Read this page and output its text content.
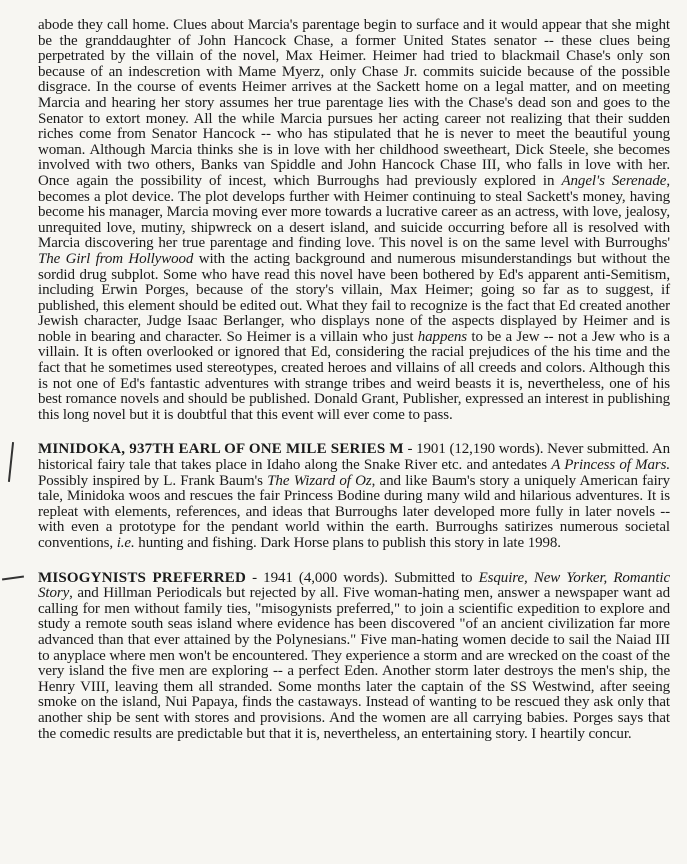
abode they call home. Clues about Marcia's parentage begin to surface and it would appear that she might be the granddaughter of John Hancock Chase, a former United States senator -- these clues being perpetrated by the villain of the novel, Max Heimer. Heimer had tried to blackmail Chase's only son because of an indescretion with Mame Myerz, only Chase Jr. commits suicide because of the possible disgrace. In the course of events Heimer arrives at the Sackett home on a legal matter, and on meeting Marcia and hearing her story assumes her true parentage lies with the Chase's dead son and goes to the Senator to extort money. All the while Marcia pursues her acting career not realizing that their sudden riches come from Senator Hancock -- who has stipulated that he is never to meet the beautiful young woman. Although Marcia thinks she is in love with her childhood sweetheart, Dick Steele, she becomes involved with two others, Banks van Spiddle and John Hancock Chase III, who falls in love with her. Once again the possibility of incest, which Burroughs had previously explored in Angel's Serenade, becomes a plot device. The plot develops further with Heimer continuing to steal Sackett's money, having become his manager, Marcia moving ever more towards a lucrative career as an actress, with love, jealosy, unrequited love, mutiny, shipwreck on a desert island, and suicide occurring before all is resolved with Marcia discovering her true parentage and finding love. This novel is on the same level with Burroughs' The Girl from Hollywood with the acting background and numerous misunderstandings but without the sordid drug subplot. Some who have read this novel have been bothered by Ed's apparent anti-Semitism, including Erwin Porges, because of the story's villain, Max Heimer; going so far as to suggest, if published, this element should be edited out. What they fail to recognize is the fact that Ed created another Jewish character, Judge Isaac Berlanger, who displays none of the aspects displayed by Heimer and is noble in bearing and character. So Heimer is a villain who just happens to be a Jew -- not a Jew who is a villain. It is often overlooked or ignored that Ed, considering the racial prejudices of the his time and the fact that he sometimes used stereotypes, created heroes and villains of all creeds and colors. Although this is not one of Ed's fantastic adventures with strange tribes and weird beasts it is, nevertheless, one of his best romance novels and should be published. Donald Grant, Publisher, expressed an interest in publishing this long novel but it is doubtful that this event will ever come to pass.

MINIDOKA, 937TH EARL OF ONE MILE SERIES M - 1901 (12,190 words). Never submitted. An historical fairy tale that takes place in Idaho along the Snake River etc. and antedates A Princess of Mars. Possibly inspired by L. Frank Baum's The Wizard of Oz, and like Baum's story a uniquely American fairy tale, Minidoka woos and rescues the fair Princess Bodine during many wild and hilarious adventures. It is repleat with elements, references, and ideas that Burroughs later developed more fully in later novels -- with even a prototype for the pendant world within the earth. Burroughs satirizes numerous societal conventions, i.e. hunting and fishing. Dark Horse plans to publish this story in late 1998.

MISOGYNISTS PREFERRED - 1941 (4,000 words). Submitted to Esquire, New Yorker, Romantic Story, and Hillman Periodicals but rejected by all. Five woman-hating men, answer a newspaper want ad calling for men without family ties, "misogynists preferred," to join a scientific expedition to explore and study a remote south seas island where evidence has been discovered "of an ancient civilization far more advanced than that ever attained by the Polynesians." Five man-hating women decide to sail the Naiad III to anyplace where men won't be encountered. They experience a storm and are wrecked on the coast of the very island the five men are exploring -- a perfect Eden. Another storm later destroys the men's ship, the Henry VIII, leaving them all stranded. Some months later the captain of the SS Westwind, after seeing smoke on the island, Nui Papaya, finds the castaways. Instead of wanting to be rescued they ask only that another ship be sent with stores and provisions. And the women are all carrying babies. Porges says that the comedic results are predictable but that it is, nevertheless, an entertaining story. I heartily concur.
